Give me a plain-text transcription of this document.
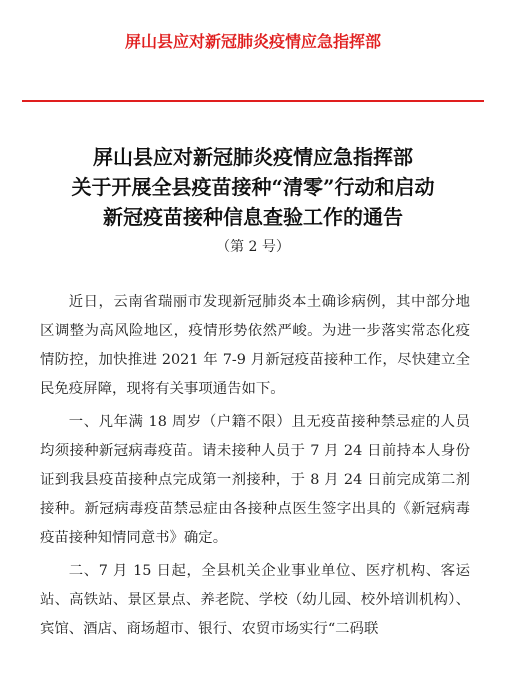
屏山县应对新冠肺炎疫情应急指挥部
屏山县应对新冠肺炎疫情应急指挥部
关于开展全县疫苗接种“清零”行动和启动
新冠疫苗接种信息查验工作的通告
（第 2 号）

近日，云南省瑞丽市发现新冠肺炎本土确诊病例，其中部分地区调整为高风险地区，疫情形势依然严峻。为进一步落实常态化疫情防控，加快推进 2021 年 7-9 月新冠疫苗接种工作，尽快建立全民免疫屏障，现将有关事项通告如下。

一、凡年满 18 周岁（户籍不限）且无疫苗接种禁忌症的人员均须接种新冠病毒疫苗。请未接种人员于 7 月 24 日前持本人身份证到我县疫苗接种点完成第一剂接种，于 8 月 24 日前完成第二剂接种。新冠病毒疫苗禁忌症由各接种点医生签字出具的《新冠病毒疫苗接种知情同意书》确定。

二、7 月 15 日起，全县机关企业事业单位、医疗机构、客运站、高铁站、景区景点、养老院、学校（幼儿园、校外培训机构）、宾馆、酒店、商场超市、银行、农贸市场实行“二码联
